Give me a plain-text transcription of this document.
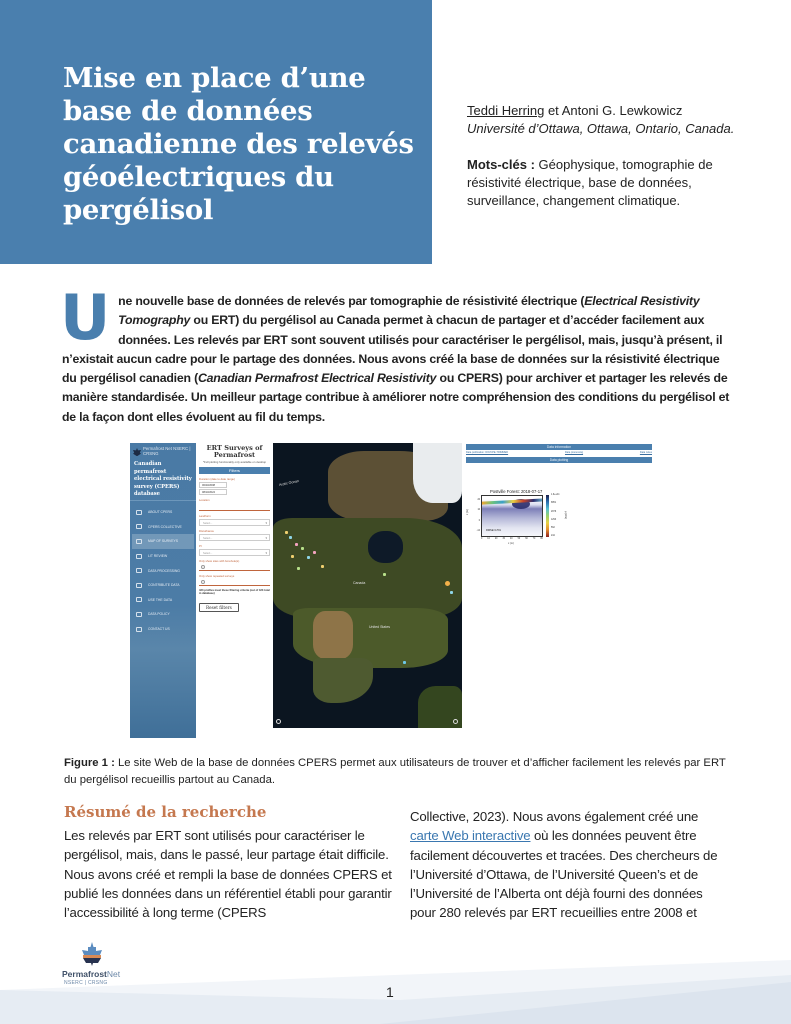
Mise en place d’une base de données canadienne des relevés géoélectriques du pergélisol
Teddi Herring et Antoni G. Lewkowicz
Université d’Ottawa, Ottawa, Ontario, Canada.
Mots-clés : Géophysique, tomographie de résistivité électrique, base de données, surveillance, changement climatique.
Une nouvelle base de données de relevés par tomographie de résistivité électrique (Electrical Resistivity Tomography ou ERT) du pergélisol au Canada permet à chacun de partager et d’accéder facilement aux données. Les relevés par ERT sont souvent utilisés pour caractériser le pergélisol, mais, jusqu’à présent, il n’existait aucun cadre pour le partage des données. Nous avons créé la base de données sur la résistivité électrique du pergélisol canadien (Canadian Permafrost Electrical Resistivity ou CPERS) pour archiver et partager les relevés de manière standardisée. Un meilleur partage contribue à améliorer notre compréhension des conditions du pergélisol et de la façon dont elles évoluent au fil du temps.
Permafrost Net NSERC | CRSNG
Canadian permafrost electrical resistivity survey (CPERS) database
ABOUT CPERS
CPERS COLLECTIVE
MAP OF SURVEYS
LIT REVIEW
DATA PROCESSING
CONTRIBUTE DATA
USE THE DATA
DATA POLICY
CONTACT US
ERT Surveys of Permafrost
*Full plotting functionality only available on desktop
Filters
Duration (date to date range)
06/23/2008
08/13/2024
Location
Landform
Select... ▾
Disturbance
Select... ▾
PI
Select... ▾
Only show sites with borehole(s)
Only show repeated surveys
423 profiles meet these filtering criteria (out of 423 total in database)
Reset filters
Arctic Ocean
Canada
United States
Data information
Data publication: DOI/CPE-TRIMMED	Data processing	Data notes
Data plotting
Postville Forest: 2018-07-17
z (m)
20
10
0
-10 RMSE=4.5%
1.6e+04
6851
2976
1293
562
244
ρ (Ωm)
0 10 20 30 40 50 60 70 80
x (m)
Figure 1 : Le site Web de la base de données CPERS permet aux utilisateurs de trouver et d’afficher facilement les relevés par ERT du pergélisol recueillis partout au Canada.
Résumé de la recherche
Les relevés par ERT sont utilisés pour caractériser le pergélisol, mais, dans le passé, leur partage était difficile. Nous avons créé et rempli la base de données CPERS et publié les données dans un référentiel établi pour garantir l’accessibilité à long terme (CPERS
Collective, 2023). Nous avons également créé une carte Web interactive où les données peuvent être facilement découvertes et tracées. Des chercheurs de l’Université d’Ottawa, de l’Université Queen’s et de l’Université de l’Alberta ont déjà fourni des données pour 280 relevés par ERT recueillies entre 2008 et
PermafrostNet
NSERC | CRSNG
1
